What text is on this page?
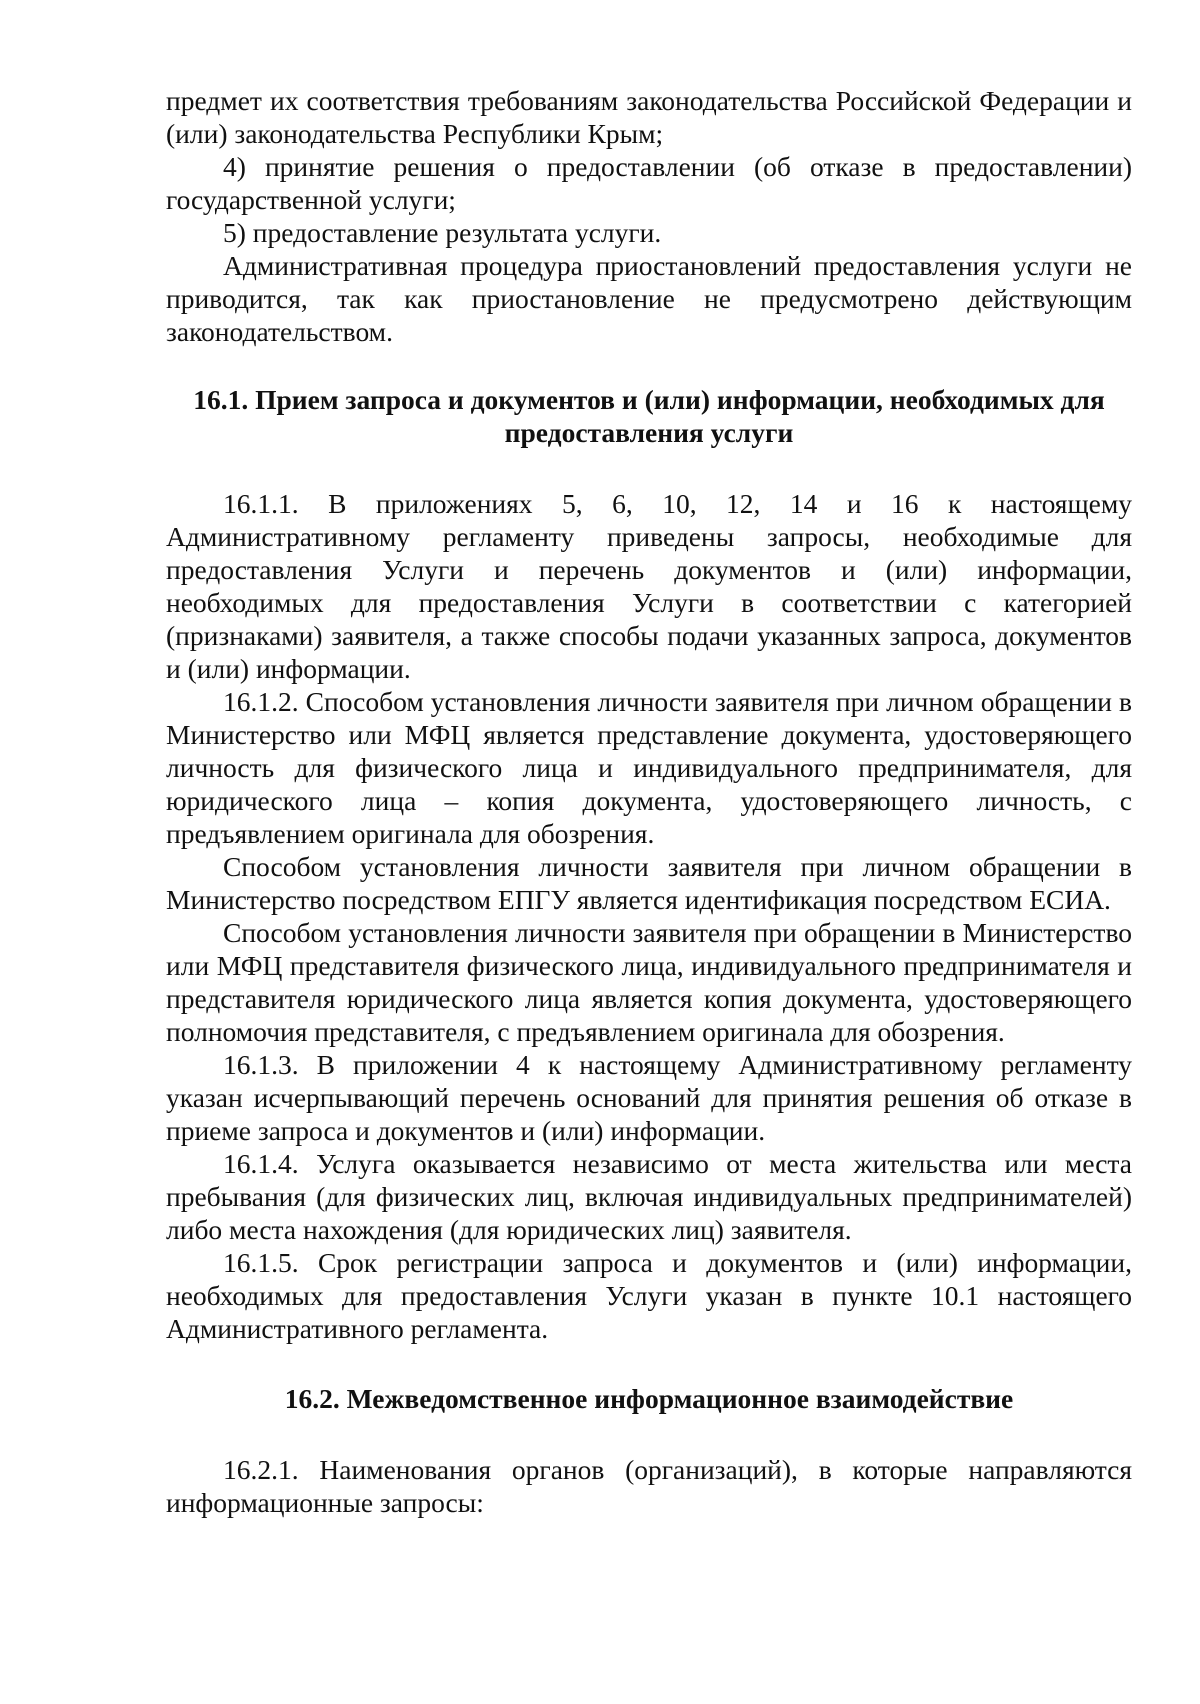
предмет их соответствия требованиям законодательства Российской Федерации и (или) законодательства Республики Крым;

4) принятие решения о предоставлении (об отказе в предоставлении) государственной услуги;

5) предоставление результата услуги.

Административная процедура приостановлений предоставления услуги не приводится, так как приостановление не предусмотрено действующим законодательством.

16.1. Прием запроса и документов и (или) информации, необходимых для предоставления услуги

16.1.1. В приложениях 5, 6, 10, 12, 14 и 16 к настоящему Административному регламенту приведены запросы, необходимые для предоставления Услуги и перечень документов и (или) информации, необходимых для предоставления Услуги в соответствии с категорией (признаками) заявителя, а также способы подачи указанных запроса, документов и (или) информации.

16.1.2. Способом установления личности заявителя при личном обращении в Министерство или МФЦ является представление документа, удостоверяющего личность для физического лица и индивидуального предпринимателя, для юридического лица – копия документа, удостоверяющего личность, с предъявлением оригинала для обозрения.

Способом установления личности заявителя при личном обращении в Министерство посредством ЕПГУ является идентификация посредством ЕСИА.

Способом установления личности заявителя при обращении в Министерство или МФЦ представителя физического лица, индивидуального предпринимателя и представителя юридического лица является копия документа, удостоверяющего полномочия представителя, с предъявлением оригинала для обозрения.

16.1.3. В приложении 4 к настоящему Административному регламенту указан исчерпывающий перечень оснований для принятия решения об отказе в приеме запроса и документов и (или) информации.

16.1.4. Услуга оказывается независимо от места жительства или места пребывания (для физических лиц, включая индивидуальных предпринимателей) либо места нахождения (для юридических лиц) заявителя.

16.1.5. Срок регистрации запроса и документов и (или) информации, необходимых для предоставления Услуги указан в пункте 10.1 настоящего Административного регламента.

16.2. Межведомственное информационное взаимодействие

16.2.1. Наименования органов (организаций), в которые направляются информационные запросы:
